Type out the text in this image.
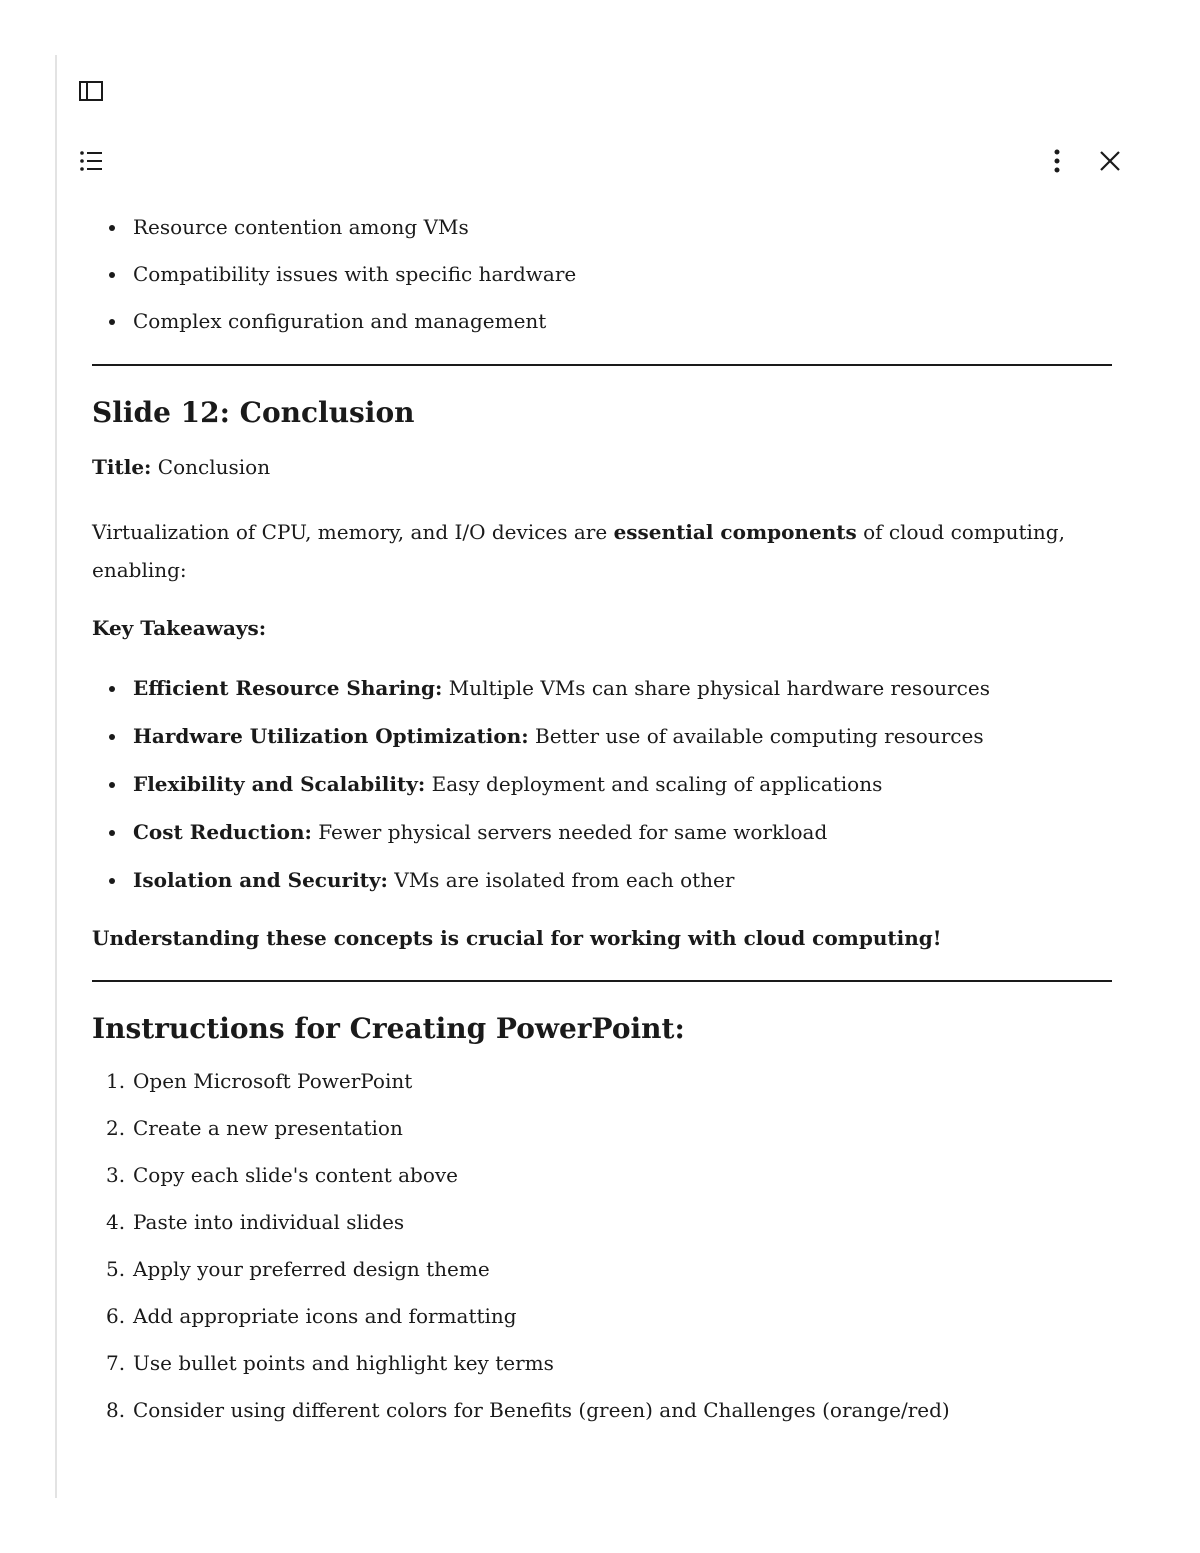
Resource contention among VMs
Compatibility issues with specific hardware
Complex configuration and management
Slide 12: Conclusion

Title: Conclusion

Virtualization of CPU, memory, and I/O devices are essential components of cloud computing, enabling:

Key Takeaways:

Efficient Resource Sharing: Multiple VMs can share physical hardware resources
Hardware Utilization Optimization: Better use of available computing resources
Flexibility and Scalability: Easy deployment and scaling of applications
Cost Reduction: Fewer physical servers needed for same workload
Isolation and Security: VMs are isolated from each other

Understanding these concepts is crucial for working with cloud computing!

Instructions for Creating PowerPoint:
1. Open Microsoft PowerPoint
2. Create a new presentation
3. Copy each slide's content above
4. Paste into individual slides
5. Apply your preferred design theme
6. Add appropriate icons and formatting
7. Use bullet points and highlight key terms
8. Consider using different colors for Benefits (green) and Challenges (orange/red)
